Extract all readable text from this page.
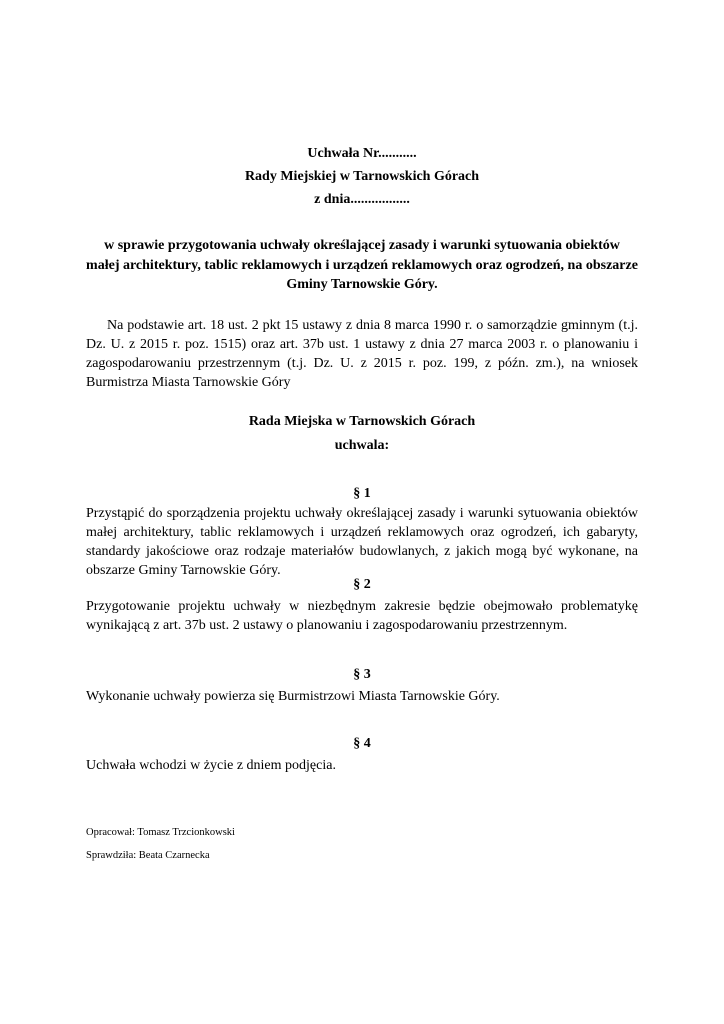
Uchwała Nr...........
Rady Miejskiej w Tarnowskich Górach
z dnia.................
w sprawie przygotowania uchwały określającej zasady i warunki sytuowania obiektów małej architektury, tablic reklamowych i urządzeń reklamowych oraz ogrodzeń, na obszarze Gminy Tarnowskie Góry.
Na podstawie art. 18 ust. 2 pkt 15 ustawy z dnia 8 marca 1990 r. o samorządzie gminnym (t.j. Dz. U. z 2015 r. poz. 1515) oraz art. 37b ust. 1 ustawy z dnia 27 marca 2003 r. o planowaniu i zagospodarowaniu przestrzennym (t.j. Dz. U. z 2015 r. poz. 199, z późn. zm.), na wniosek Burmistrza Miasta Tarnowskie Góry
Rada Miejska w Tarnowskich Górach
uchwala:
§ 1
Przystąpić do sporządzenia projektu uchwały określającej zasady i warunki sytuowania obiektów małej architektury, tablic reklamowych i urządzeń reklamowych oraz ogrodzeń, ich gabaryty, standardy jakościowe oraz rodzaje materiałów budowlanych, z jakich mogą być wykonane, na obszarze Gminy Tarnowskie Góry.
§ 2
Przygotowanie projektu uchwały w niezbędnym zakresie będzie obejmowało problematykę wynikającą z art. 37b ust. 2 ustawy o planowaniu i zagospodarowaniu przestrzennym.
§ 3
Wykonanie uchwały powierza się Burmistrzowi Miasta Tarnowskie Góry.
§ 4
Uchwała wchodzi w życie z dniem podjęcia.
Opracował: Tomasz Trzcionkowski
Sprawdziła: Beata Czarnecka
